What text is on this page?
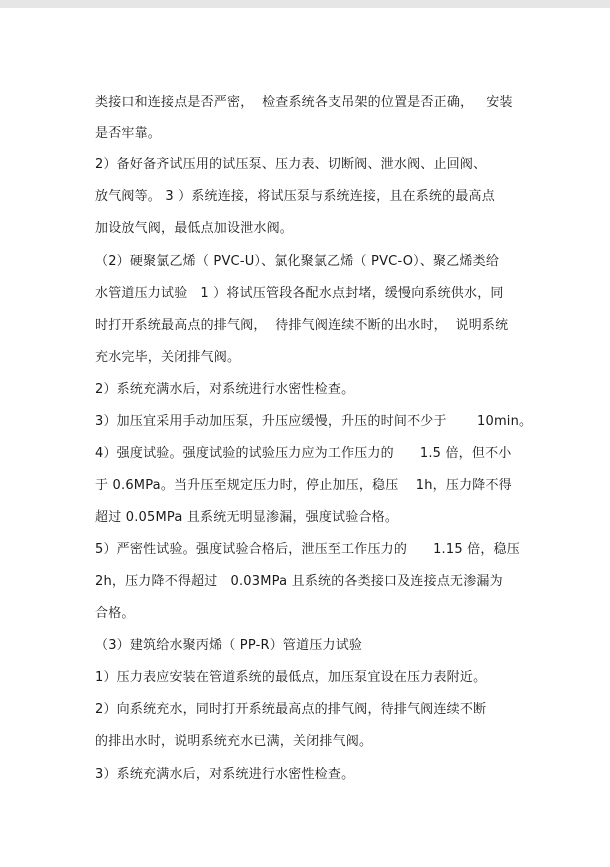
类接口和连接点是否严密，  检查系统各支吊架的位置是否正确，   安装
是否牢靠。
2）备好备齐试压用的试压泵、压力表、切断阀、泄水阀、止回阀、
放气阀等。 3 ）系统连接，将试压泵与系统连接，且在系统的最高点
加设放气阀，最低点加设泄水阀。
（2）硬聚氯乙烯（ PVC-U）、氯化聚氯乙烯（ PVC-O）、聚乙烯类给
水管道压力试验   1 ）将试压管段各配水点封堵，缓慢向系统供水，同
时打开系统最高点的排气阀，  待排气阀连续不断的出水时，  说明系统
充水完毕，关闭排气阀。
2）系统充满水后，对系统进行水密性检查。
3）加压宜采用手动加压泵，升压应缓慢，升压的时间不少于       10min。
4）强度试验。强度试验的试验压力应为工作压力的      1.5 倍，但不小
于 0.6MPa。当升压至规定压力时，停止加压，稳压    1h，压力降不得
超过 0.05MPa 且系统无明显渗漏，强度试验合格。
5）严密性试验。强度试验合格后，泄压至工作压力的      1.15 倍，稳压
2h，压力降不得超过   0.03MPa 且系统的各类接口及连接点无渗漏为
合格。
（3）建筑给水聚丙烯（ PP-R）管道压力试验
1）压力表应安装在管道系统的最低点，加压泵宜设在压力表附近。
2）向系统充水，同时打开系统最高点的排气阀，待排气阀连续不断
的排出水时，说明系统充水已满，关闭排气阀。
3）系统充满水后，对系统进行水密性检查。
